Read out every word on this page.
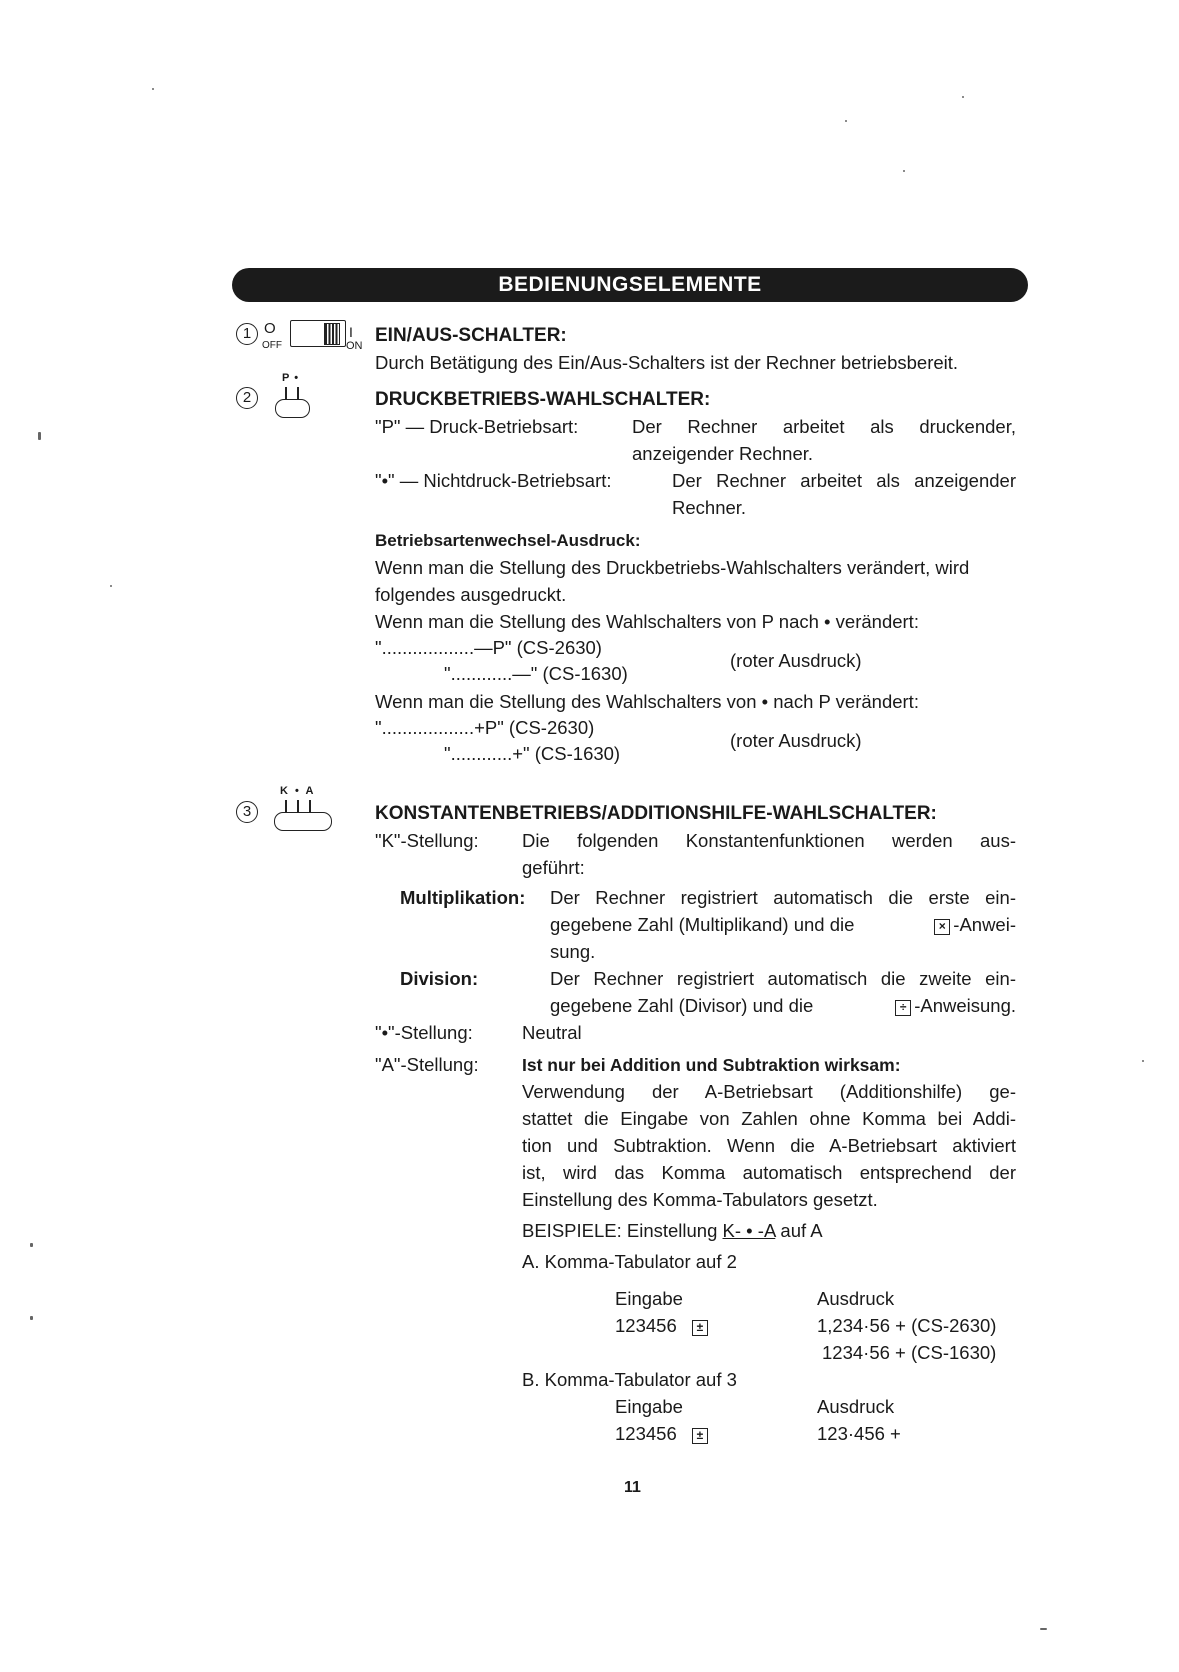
BEDIENUNGSELEMENTE
1 O
OFF
I
ON EIN/AUS-SCHALTER:
Durch Betätigung des Ein/Aus-Schalters ist der Rechner betriebsbereit.
2
P •
DRUCKBETRIEBS-WAHLSCHALTER:
"P" — Druck-Betriebsart:	Der Rechner arbeitet als druckender,
anzeigender Rechner.
"•" — Nichtdruck-Betriebsart:	Der Rechner arbeitet als anzeigender
Rechner.
Betriebsartenwechsel-Ausdruck:
Wenn man die Stellung des Druckbetriebs-Wahlschalters verändert, wird
folgendes ausgedruckt.
Wenn man die Stellung des Wahlschalters von P nach • verändert:
"..................—P" (CS-2630)
"............—" (CS-1630)
(roter Ausdruck)
Wenn man die Stellung des Wahlschalters von • nach P verändert:
"..................+P" (CS-2630)
"............+" (CS-1630)
(roter Ausdruck)
3
K • A
KONSTANTENBETRIEBS/ADDITIONSHILFE-WAHLSCHALTER:
"K"-Stellung: Die folgenden Konstantenfunktionen werden aus-
geführt:
Multiplikation: Der Rechner registriert automatisch die erste ein-
gegebene Zahl (Multiplikand) und die	× -Anwei-
sung.
Division:	Der Rechner registriert automatisch die zweite ein-
gegebene Zahl (Divisor) und die	÷ -Anweisung.
"•"-Stellung:	Neutral
"A"-Stellung: Ist nur bei Addition und Subtraktion wirksam:
Verwendung der A-Betriebsart (Additionshilfe) ge-
stattet die Eingabe von Zahlen ohne Komma bei Addi-
tion und Subtraktion. Wenn die A-Betriebsart aktiviert
ist, wird das Komma automatisch entsprechend der
Einstellung des Komma-Tabulators gesetzt.
BEISPIELE: Einstellung K- • -A auf A
A. Komma-Tabulator auf 2
Eingabe	Ausdruck
123456 ±	1,234·56 + (CS-2630)
1234·56 + (CS-1630)
B. Komma-Tabulator auf 3
Eingabe	Ausdruck
123456 ±	123·456 +
11
